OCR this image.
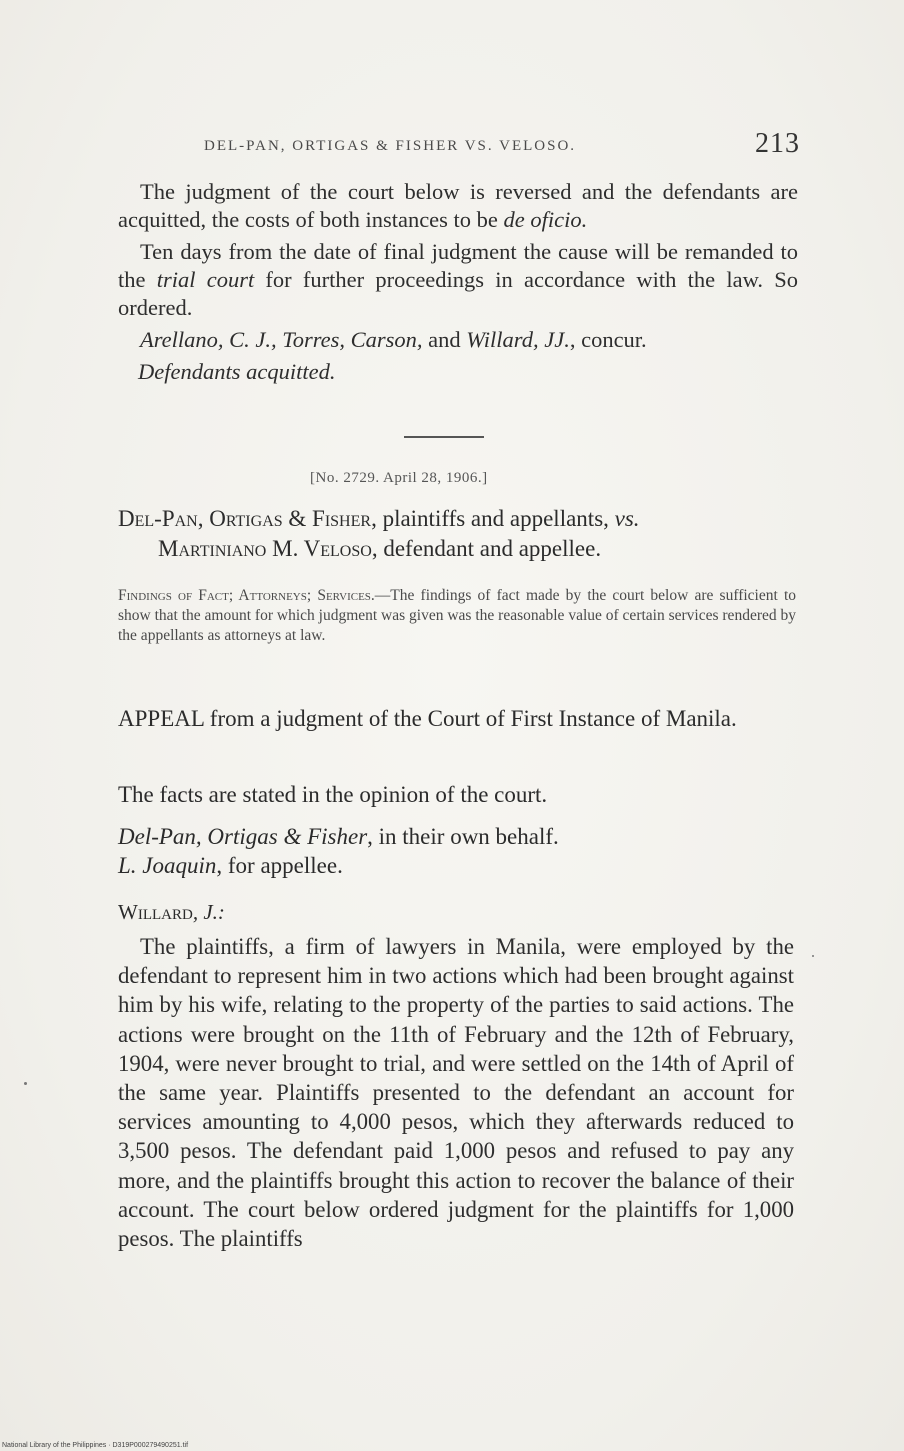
DEL-PAN, ORTIGAS & FISHER VS. VELOSO.	213

The judgment of the court below is reversed and the defendants are acquitted, the costs of both instances to be de oficio.

Ten days from the date of final judgment the cause will be remanded to the trial court for further proceedings in accordance with the law. So ordered.

Arellano, C. J., Torres, Carson, and Willard, JJ., concur.

Defendants acquitted.

[No. 2729. April 28, 1906.]

Del-Pan, Ortigas & Fisher, plaintiffs and appellants, vs.
Martiniano M. Veloso, defendant and appellee.

Findings of Fact; Attorneys; Services.—The findings of fact made by the court below are sufficient to show that the amount for which judgment was given was the reasonable value of certain services rendered by the appellants as attorneys at law.

APPEAL from a judgment of the Court of First Instance of Manila.

The facts are stated in the opinion of the court.

Del-Pan, Ortigas & Fisher, in their own behalf.

L. Joaquin, for appellee.

Willard, J.:

The plaintiffs, a firm of lawyers in Manila, were employed by the defendant to represent him in two actions which had been brought against him by his wife, relating to the property of the parties to said actions. The actions were brought on the 11th of February and the 12th of February, 1904, were never brought to trial, and were settled on the 14th of April of the same year. Plaintiffs presented to the defendant an account for services amounting to 4,000 pesos, which they afterwards reduced to 3,500 pesos. The defendant paid 1,000 pesos and refused to pay any more, and the plaintiffs brought this action to recover the balance of their account. The court below ordered judgment for the plaintiffs for 1,000 pesos. The plaintiffs

National Library of the Philippines · D319P000279490251.tif
